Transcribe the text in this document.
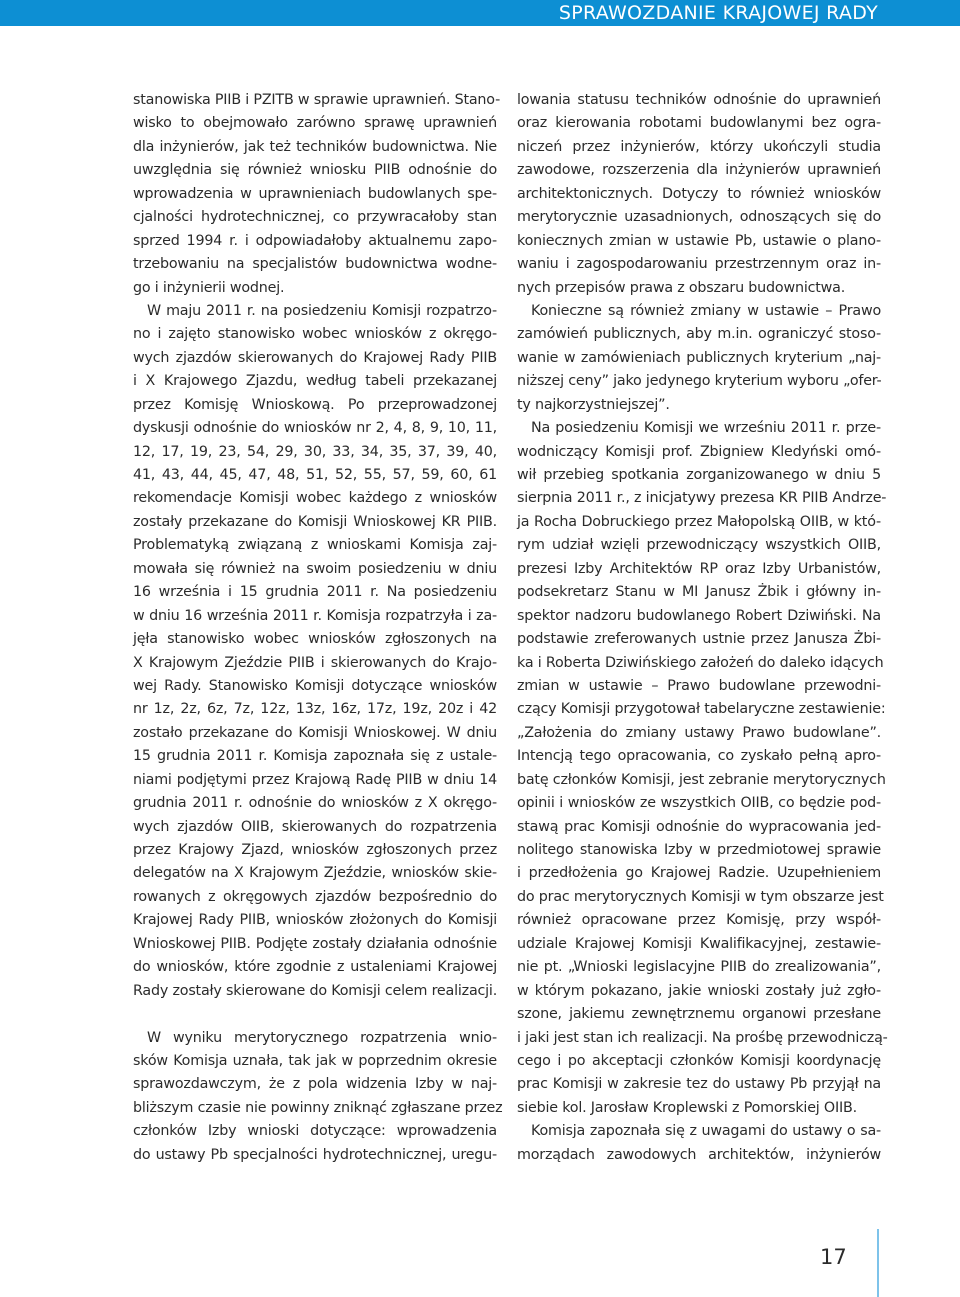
SPRAWOZDANIE KRAJOWEJ RADY
stanowiska PIIB i PZITB w sprawie uprawnień. Stano-
wisko to obejmowało zarówno sprawę uprawnień
dla inżynierów, jak też techników budownictwa. Nie
uwzględnia się również wniosku PIIB odnośnie do
wprowadzenia w uprawnieniach budowlanych spe-
cjalności hydrotechnicznej, co przywracałoby stan
sprzed 1994 r. i odpowiadałoby aktualnemu zapo-
trzebowaniu na specjalistów budownictwa wodne-
go i inżynierii wodnej.
W maju 2011 r. na posiedzeniu Komisji rozpatrzo-
no i zajęto stanowisko wobec wniosków z okręgo-
wych zjazdów skierowanych do Krajowej Rady PIIB
i X Krajowego Zjazdu, według tabeli przekazanej
przez Komisję Wnioskową. Po przeprowadzonej
dyskusji odnośnie do wniosków nr 2, 4, 8, 9, 10, 11,
12, 17, 19, 23, 54, 29, 30, 33, 34, 35, 37, 39, 40,
41, 43, 44, 45, 47, 48, 51, 52, 55, 57, 59, 60, 61
rekomendacje Komisji wobec każdego z wniosków
zostały przekazane do Komisji Wnioskowej KR PIIB.
Problematyką związaną z wnioskami Komisja zaj-
mowała się również na swoim posiedzeniu w dniu
16 września i 15 grudnia 2011 r. Na posiedzeniu
w dniu 16 września 2011 r. Komisja rozpatrzyła i za-
jęła stanowisko wobec wniosków zgłoszonych na
X Krajowym Zjeździe PIIB i skierowanych do Krajo-
wej Rady. Stanowisko Komisji dotyczące wniosków
nr 1z, 2z, 6z, 7z, 12z, 13z, 16z, 17z, 19z, 20z i 42
zostało przekazane do Komisji Wnioskowej. W dniu
15 grudnia 2011 r. Komisja zapoznała się z ustale-
niami podjętymi przez Krajową Radę PIIB w dniu 14
grudnia 2011 r. odnośnie do wniosków z X okręgo-
wych zjazdów OIIB, skierowanych do rozpatrzenia
przez Krajowy Zjazd, wniosków zgłoszonych przez
delegatów na X Krajowym Zjeździe, wniosków skie-
rowanych z okręgowych zjazdów bezpośrednio do
Krajowej Rady PIIB, wniosków złożonych do Komisji
Wnioskowej PIIB. Podjęte zostały działania odnośnie
do wniosków, które zgodnie z ustaleniami Krajowej
Rady zostały skierowane do Komisji celem realizacji.
W wyniku merytorycznego rozpatrzenia wnio-
sków Komisja uznała, tak jak w poprzednim okresie
sprawozdawczym, że z pola widzenia Izby w naj-
bliższym czasie nie powinny zniknąć zgłaszane przez
członków Izby wnioski dotyczące: wprowadzenia
do ustawy Pb specjalności hydrotechnicznej, uregu-
lowania statusu techników odnośnie do uprawnień
oraz kierowania robotami budowlanymi bez ogra-
niczeń przez inżynierów, którzy ukończyli studia
zawodowe, rozszerzenia dla inżynierów uprawnień
architektonicznych. Dotyczy to również wniosków
merytorycznie uzasadnionych, odnoszących się do
koniecznych zmian w ustawie Pb, ustawie o plano-
waniu i zagospodarowaniu przestrzennym oraz in-
nych przepisów prawa z obszaru budownictwa.
Konieczne są również zmiany w ustawie – Prawo
zamówień publicznych, aby m.in. ograniczyć stoso-
wanie w zamówieniach publicznych kryterium „naj-
niższej ceny” jako jedynego kryterium wyboru „ofer-
ty najkorzystniejszej”.
Na posiedzeniu Komisji we wrześniu 2011 r. prze-
wodniczący Komisji prof. Zbigniew Kledyński omó-
wił przebieg spotkania zorganizowanego w dniu 5
sierpnia 2011 r., z inicjatywy prezesa KR PIIB Andrze-
ja Rocha Dobruckiego przez Małopolską OIIB, w któ-
rym udział wzięli przewodniczący wszystkich OIIB,
prezesi Izby Architektów RP oraz Izby Urbanistów,
podsekretarz Stanu w MI Janusz Żbik i główny in-
spektor nadzoru budowlanego Robert Dziwiński. Na
podstawie zreferowanych ustnie przez Janusza Żbi-
ka i Roberta Dziwińskiego założeń do daleko idących
zmian w ustawie – Prawo budowlane przewodni-
czący Komisji przygotował tabelaryczne zestawienie:
„Założenia do zmiany ustawy Prawo budowlane”.
Intencją tego opracowania, co zyskało pełną apro-
batę członków Komisji, jest zebranie merytorycznych
opinii i wniosków ze wszystkich OIIB, co będzie pod-
stawą prac Komisji odnośnie do wypracowania jed-
nolitego stanowiska Izby w przedmiotowej sprawie
i przedłożenia go Krajowej Radzie. Uzupełnieniem
do prac merytorycznych Komisji w tym obszarze jest
również opracowane przez Komisję, przy współ-
udziale Krajowej Komisji Kwalifikacyjnej, zestawie-
nie pt. „Wnioski legislacyjne PIIB do zrealizowania”,
w którym pokazano, jakie wnioski zostały już zgło-
szone, jakiemu zewnętrznemu organowi przesłane
i jaki jest stan ich realizacji. Na prośbę przewodniczą-
cego i po akceptacji członków Komisji koordynację
prac Komisji w zakresie tez do ustawy Pb przyjął na
siebie kol. Jarosław Kroplewski z Pomorskiej OIIB.
Komisja zapoznała się z uwagami do ustawy o sa-
morządach zawodowych architektów, inżynierów
17
